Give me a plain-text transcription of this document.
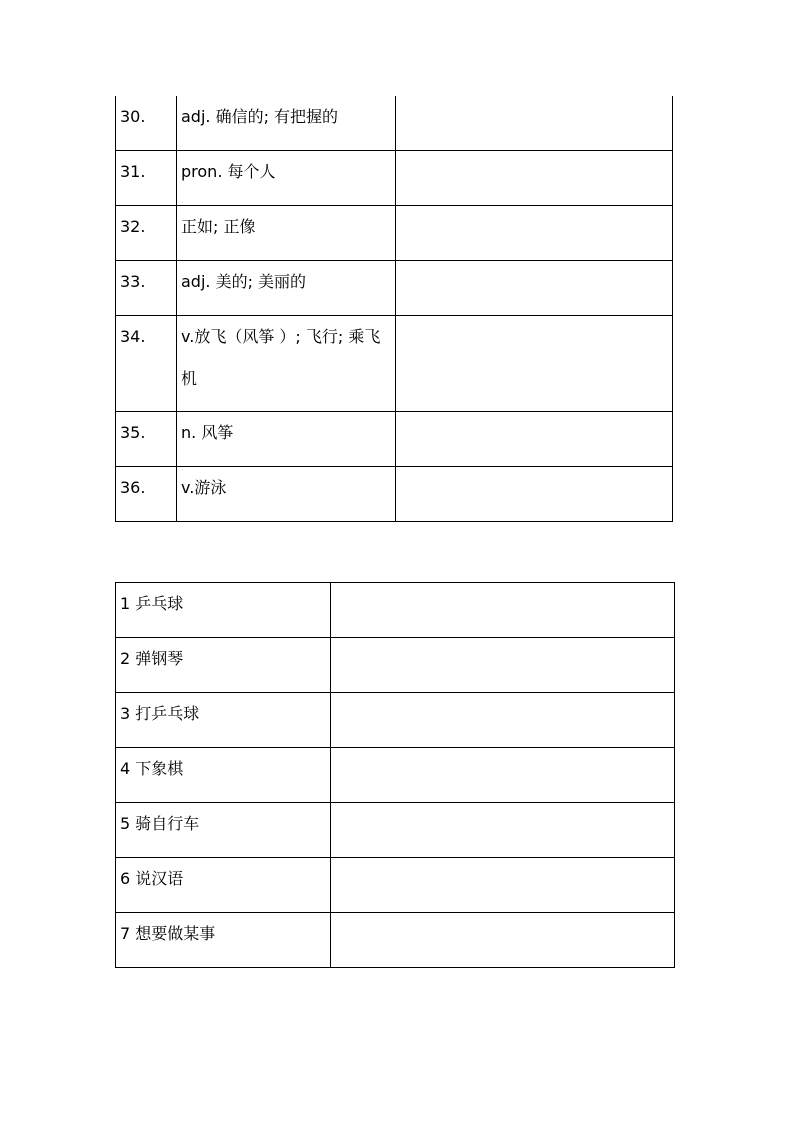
30.	adj. 确信的; 有把握的	
31.	pron. 每个人	
32.	正如; 正像	
33.	adj. 美的; 美丽的	
34.	v.放飞（风筝 ）; 飞行; 乘飞机	
35.	n. 风筝	
36.	v.游泳	
1 乒乓球	
2 弹钢琴	
3 打乒乓球	
4 下象棋	
5 骑自行车	
6 说汉语	
7 想要做某事	
